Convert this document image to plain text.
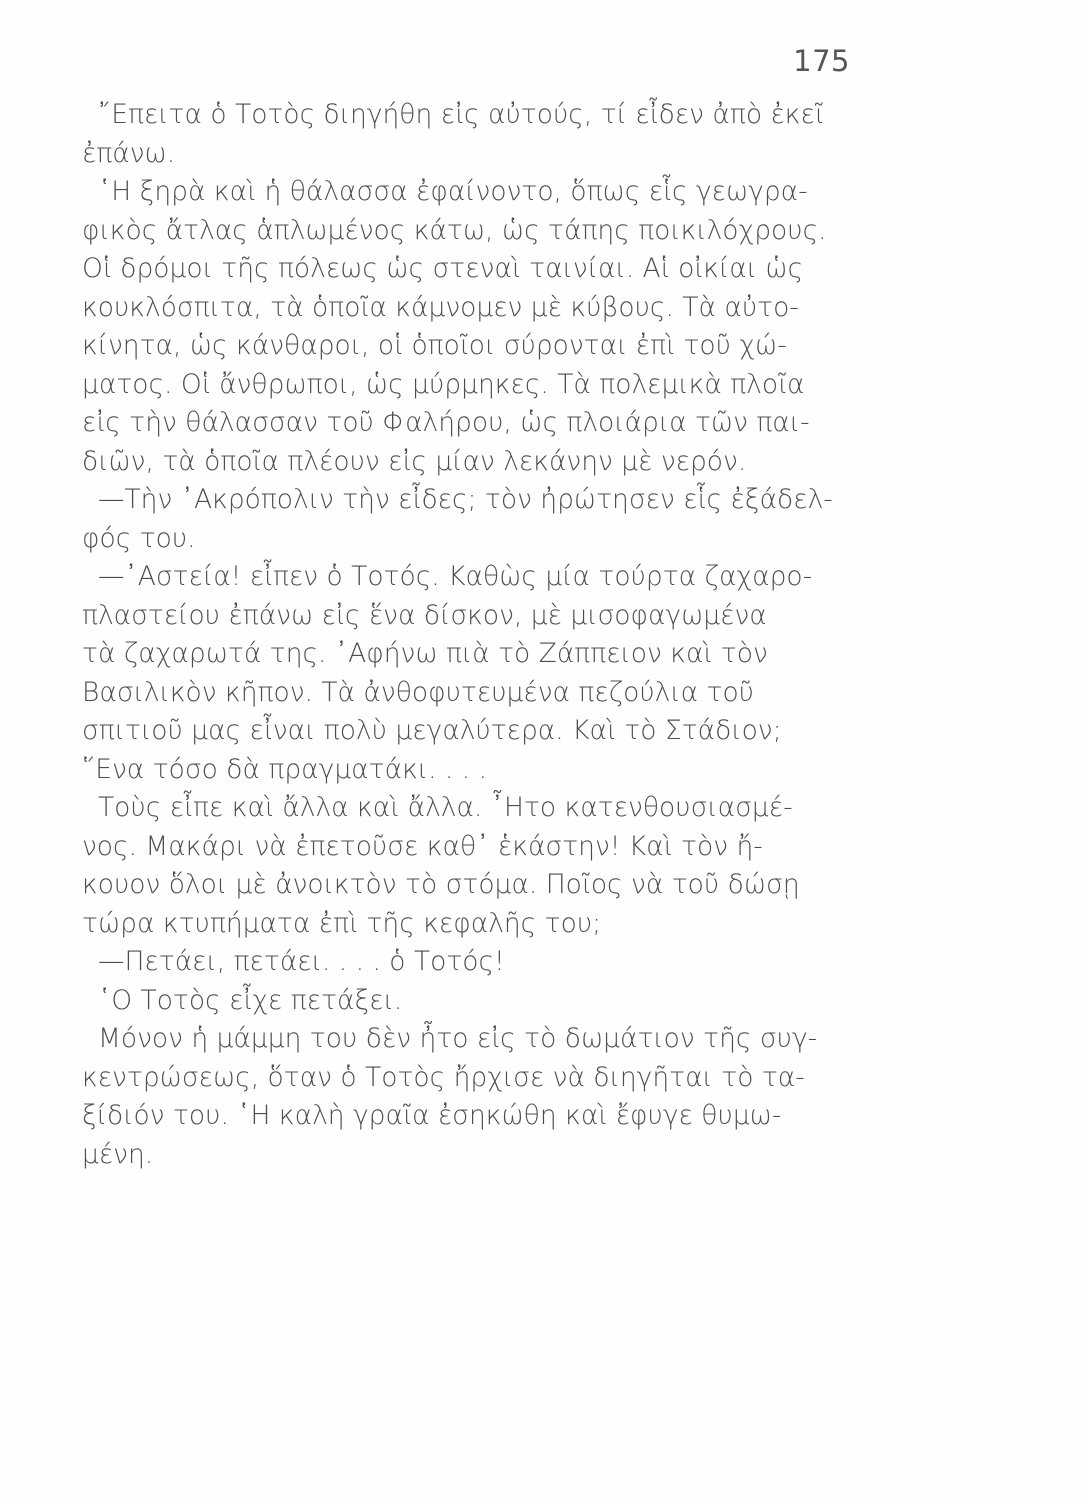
175
῎Επειτα ὁ Τοτὸς διηγήθη εἰς αὐτούς, τί εἶδεν ἀπὸ ἐκεῖ
ἐπάνω.
῾Η ξηρὰ καὶ ἡ θάλασσα ἐφαίνοντο, ὅπως εἷς γεωγρα-
φικὸς ἄτλας ἁπλωμένος κάτω, ὡς τάπης ποικιλόχρους.
Οἱ δρόμοι τῆς πόλεως ὡς στεναὶ ταινίαι. Αἱ οἰκίαι ὡς
κουκλόσπιτα, τὰ ὁποῖα κάμνομεν μὲ κύβους. Τὰ αὐτο-
κίνητα, ὡς κάνθαροι, οἱ ὁποῖοι σύρονται ἐπὶ τοῦ χώ-
ματος. Οἱ ἄνθρωποι, ὡς μύρμηκες. Τὰ πολεμικὰ πλοῖα
εἰς τὴν θάλασσαν τοῦ Φαλήρου, ὡς πλοιάρια τῶν παι-
διῶν, τὰ ὁποῖα πλέουν εἰς μίαν λεκάνην μὲ νερόν.
—Τὴν ᾿Ακρόπολιν τὴν εἶδες; τὸν ἠρώτησεν εἷς ἐξάδελ-
φός του.
—᾿Αστεία! εἶπεν ὁ Τοτός. Καθὼς μία τούρτα ζαχαρο-
πλαστείου ἐπάνω εἰς ἕνα δίσκον, μὲ μισοφαγωμένα
τὰ ζαχαρωτά της. ᾿Αφήνω πιὰ τὸ Ζάππειον καὶ τὸν
Βασιλικὸν κῆπον. Τὰ ἀνθοφυτευμένα πεζούλια τοῦ
σπιτιοῦ μας εἶναι πολὺ μεγαλύτερα. Καὶ τὸ Στάδιον;
῞Ενα τόσο δὰ πραγματάκι. . . .
Τοὺς εἶπε καὶ ἄλλα καὶ ἄλλα. ῏Ητο κατενθουσιασμέ-
νος. Μακάρι νὰ ἐπετοῦσε καθ᾿ ἑκάστην! Καὶ τὸν ἤ-
κουον ὅλοι μὲ ἀνοικτὸν τὸ στόμα. Ποῖος νὰ τοῦ δώσῃ
τώρα κτυπήματα ἐπὶ τῆς κεφαλῆς του;
—Πετάει, πετάει. . . . ὁ Τοτός!
῾Ο Τοτὸς εἶχε πετάξει.
Μόνον ἡ μάμμη του δὲν ἦτο εἰς τὸ δωμάτιον τῆς συγ-
κεντρώσεως, ὅταν ὁ Τοτὸς ἤρχισε νὰ διηγῆται τὸ τα-
ξίδιόν του. ῾Η καλὴ γραῖα ἐσηκώθη καὶ ἔφυγε θυμω-
μένη.
